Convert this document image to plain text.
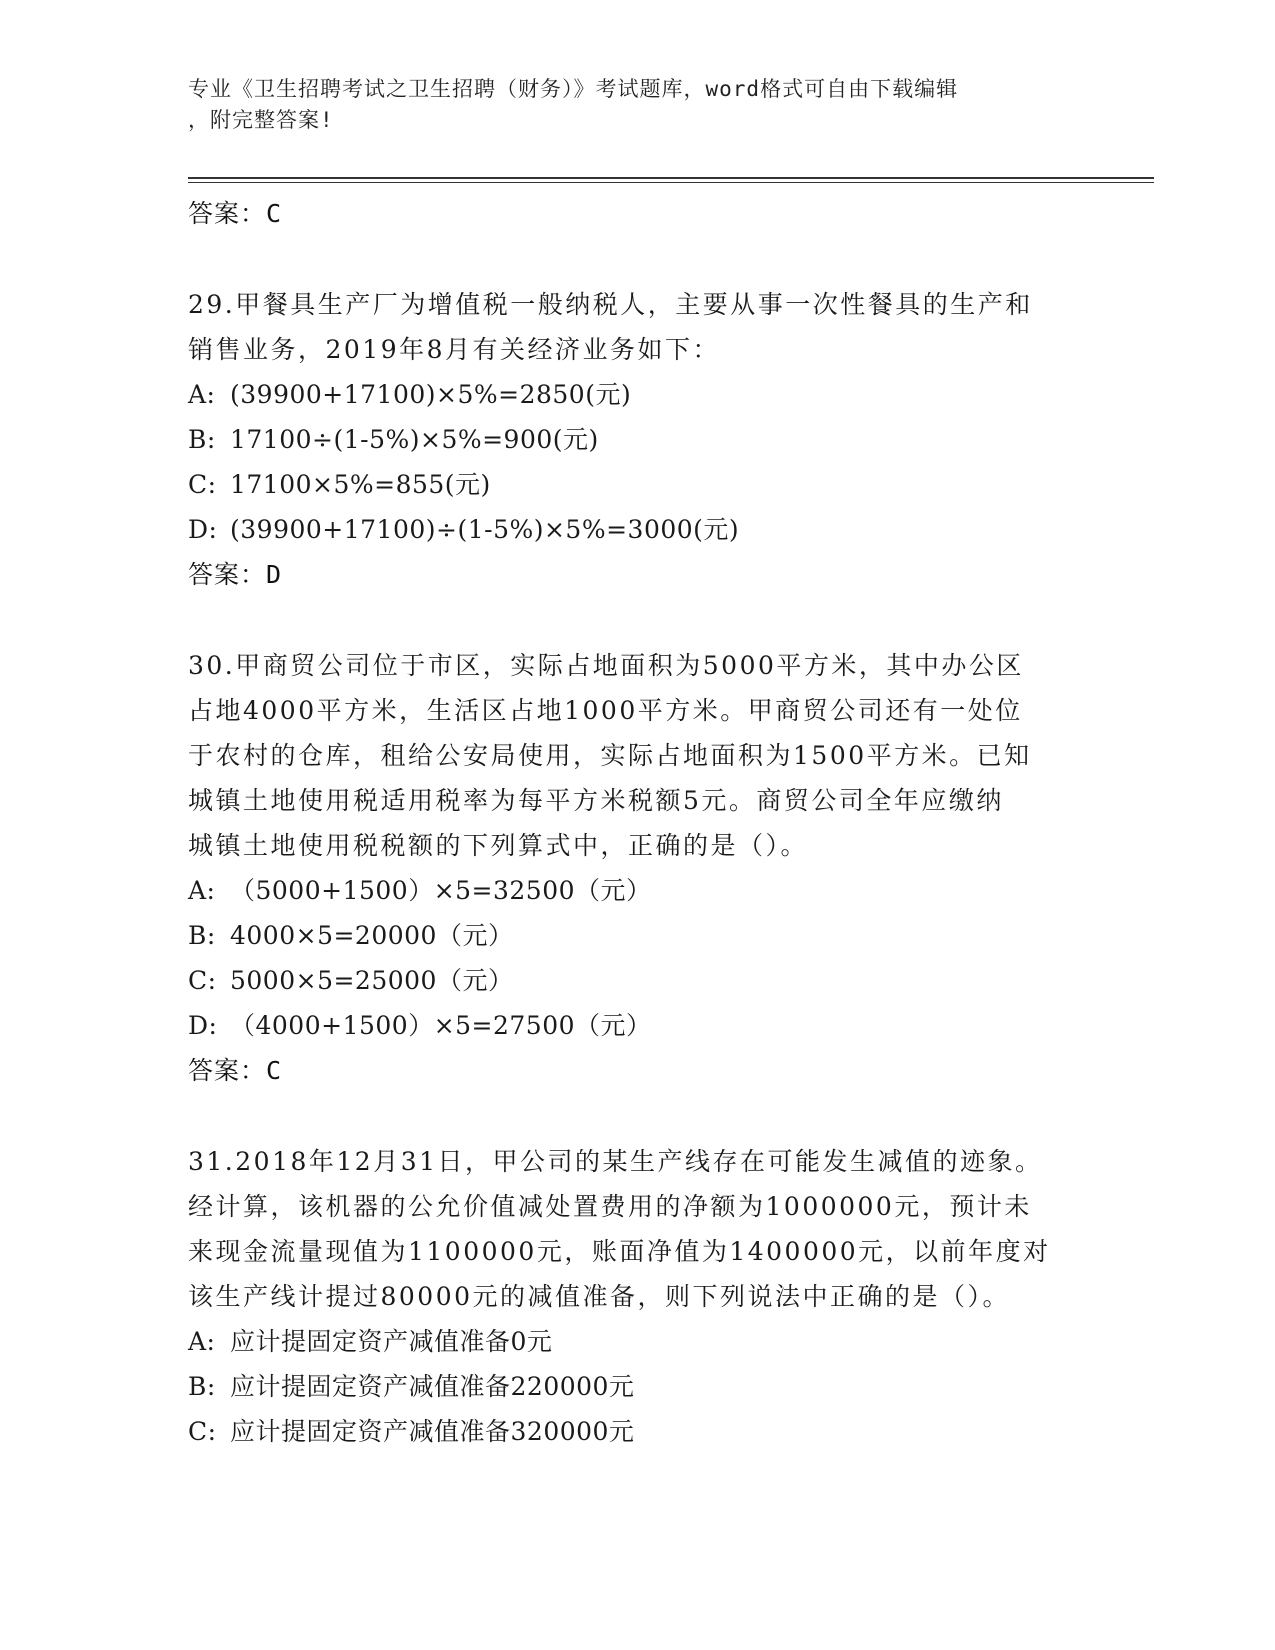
专业《卫生招聘考试之卫生招聘（财务）》考试题库，word格式可自由下载编辑
，附完整答案!
答案：C
29.甲餐具生产厂为增值税一般纳税人，主要从事一次性餐具的生产和
销售业务，2019年8月有关经济业务如下：
A: (39900+17100)×5%=2850(元)
B: 17100÷(1-5%)×5%=900(元)
C: 17100×5%=855(元)
D: (39900+17100)÷(1-5%)×5%=3000(元)
答案：D
30.甲商贸公司位于市区，实际占地面积为5000平方米，其中办公区
占地4000平方米，生活区占地1000平方米。甲商贸公司还有一处位
于农村的仓库，租给公安局使用，实际占地面积为1500平方米。已知
城镇土地使用税适用税率为每平方米税额5元。商贸公司全年应缴纳
城镇土地使用税税额的下列算式中，正确的是（）。
A: （5000+1500）×5=32500（元）
B: 4000×5=20000（元）
C: 5000×5=25000（元）
D: （4000+1500）×5=27500（元）
答案：C
31.2018年12月31日，甲公司的某生产线存在可能发生减值的迹象。
经计算，该机器的公允价值减处置费用的净额为1000000元，预计未
来现金流量现值为1100000元，账面净值为1400000元，以前年度对
该生产线计提过80000元的减值准备，则下列说法中正确的是（）。
A: 应计提固定资产减值准备0元
B: 应计提固定资产减值准备220000元
C: 应计提固定资产减值准备320000元
